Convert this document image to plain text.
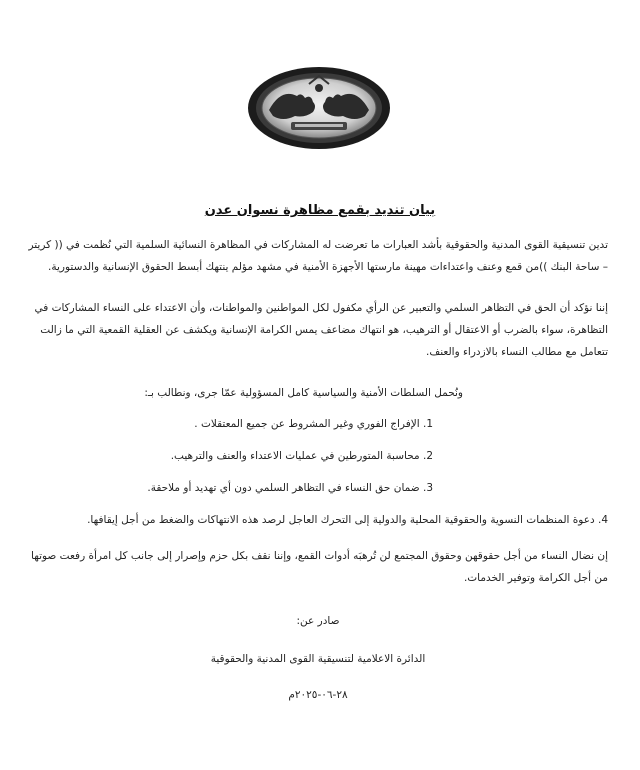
بيان تنديد بقمع مظاهرة نسوان عدن

تدين تنسيقية القوى المدنية والحقوقية بأشد العبارات ما تعرضت له المشاركات في المظاهرة النسائية السلمية التي نُظمت في (( كريتر – ساحة البنك ))من قمع وعنف واعتداءات مهينة مارستها الأجهزة الأمنية في مشهد مؤلم ينتهك أبسط الحقوق الإنسانية والدستورية.

إننا نؤكد أن الحق في التظاهر السلمي والتعبير عن الرأي مكفول لكل المواطنين والمواطنات، وأن الاعتداء على النساء المشاركات في التظاهرة، سواء بالضرب أو الاعتقال أو الترهيب، هو انتهاك مضاعف يمس الكرامة الإنسانية ويكشف عن العقلية القمعية التي ما زالت تتعامل مع مطالب النساء بالازدراء والعنف.

ونُحمل السلطات الأمنية والسياسية كامل المسؤولية عمّا جرى، ونطالب بـ:

1. الإفراج الفوري وغير المشروط عن جميع المعتقلات .

2. محاسبة المتورطين في عمليات الاعتداء والعنف والترهيب.

3. ضمان حق النساء في التظاهر السلمي دون أي تهديد أو ملاحقة.

4. دعوة المنظمات النسوية والحقوقية المحلية والدولية إلى التحرك العاجل لرصد هذه الانتهاكات والضغط من أجل إيقافها.

إن نضال النساء من أجل حقوقهن وحقوق المجتمع لن تُرهبَه أدوات القمع، وإننا نقف بكل حزم وإصرار إلى جانب كل امرأة رفعت صوتها من أجل الكرامة وتوفير الخدمات.

صادر عن:

الدائرة الاعلامية لتنسيقية القوى المدنية والحقوقية

٢٨-٠٦-٢٠٢٥م
